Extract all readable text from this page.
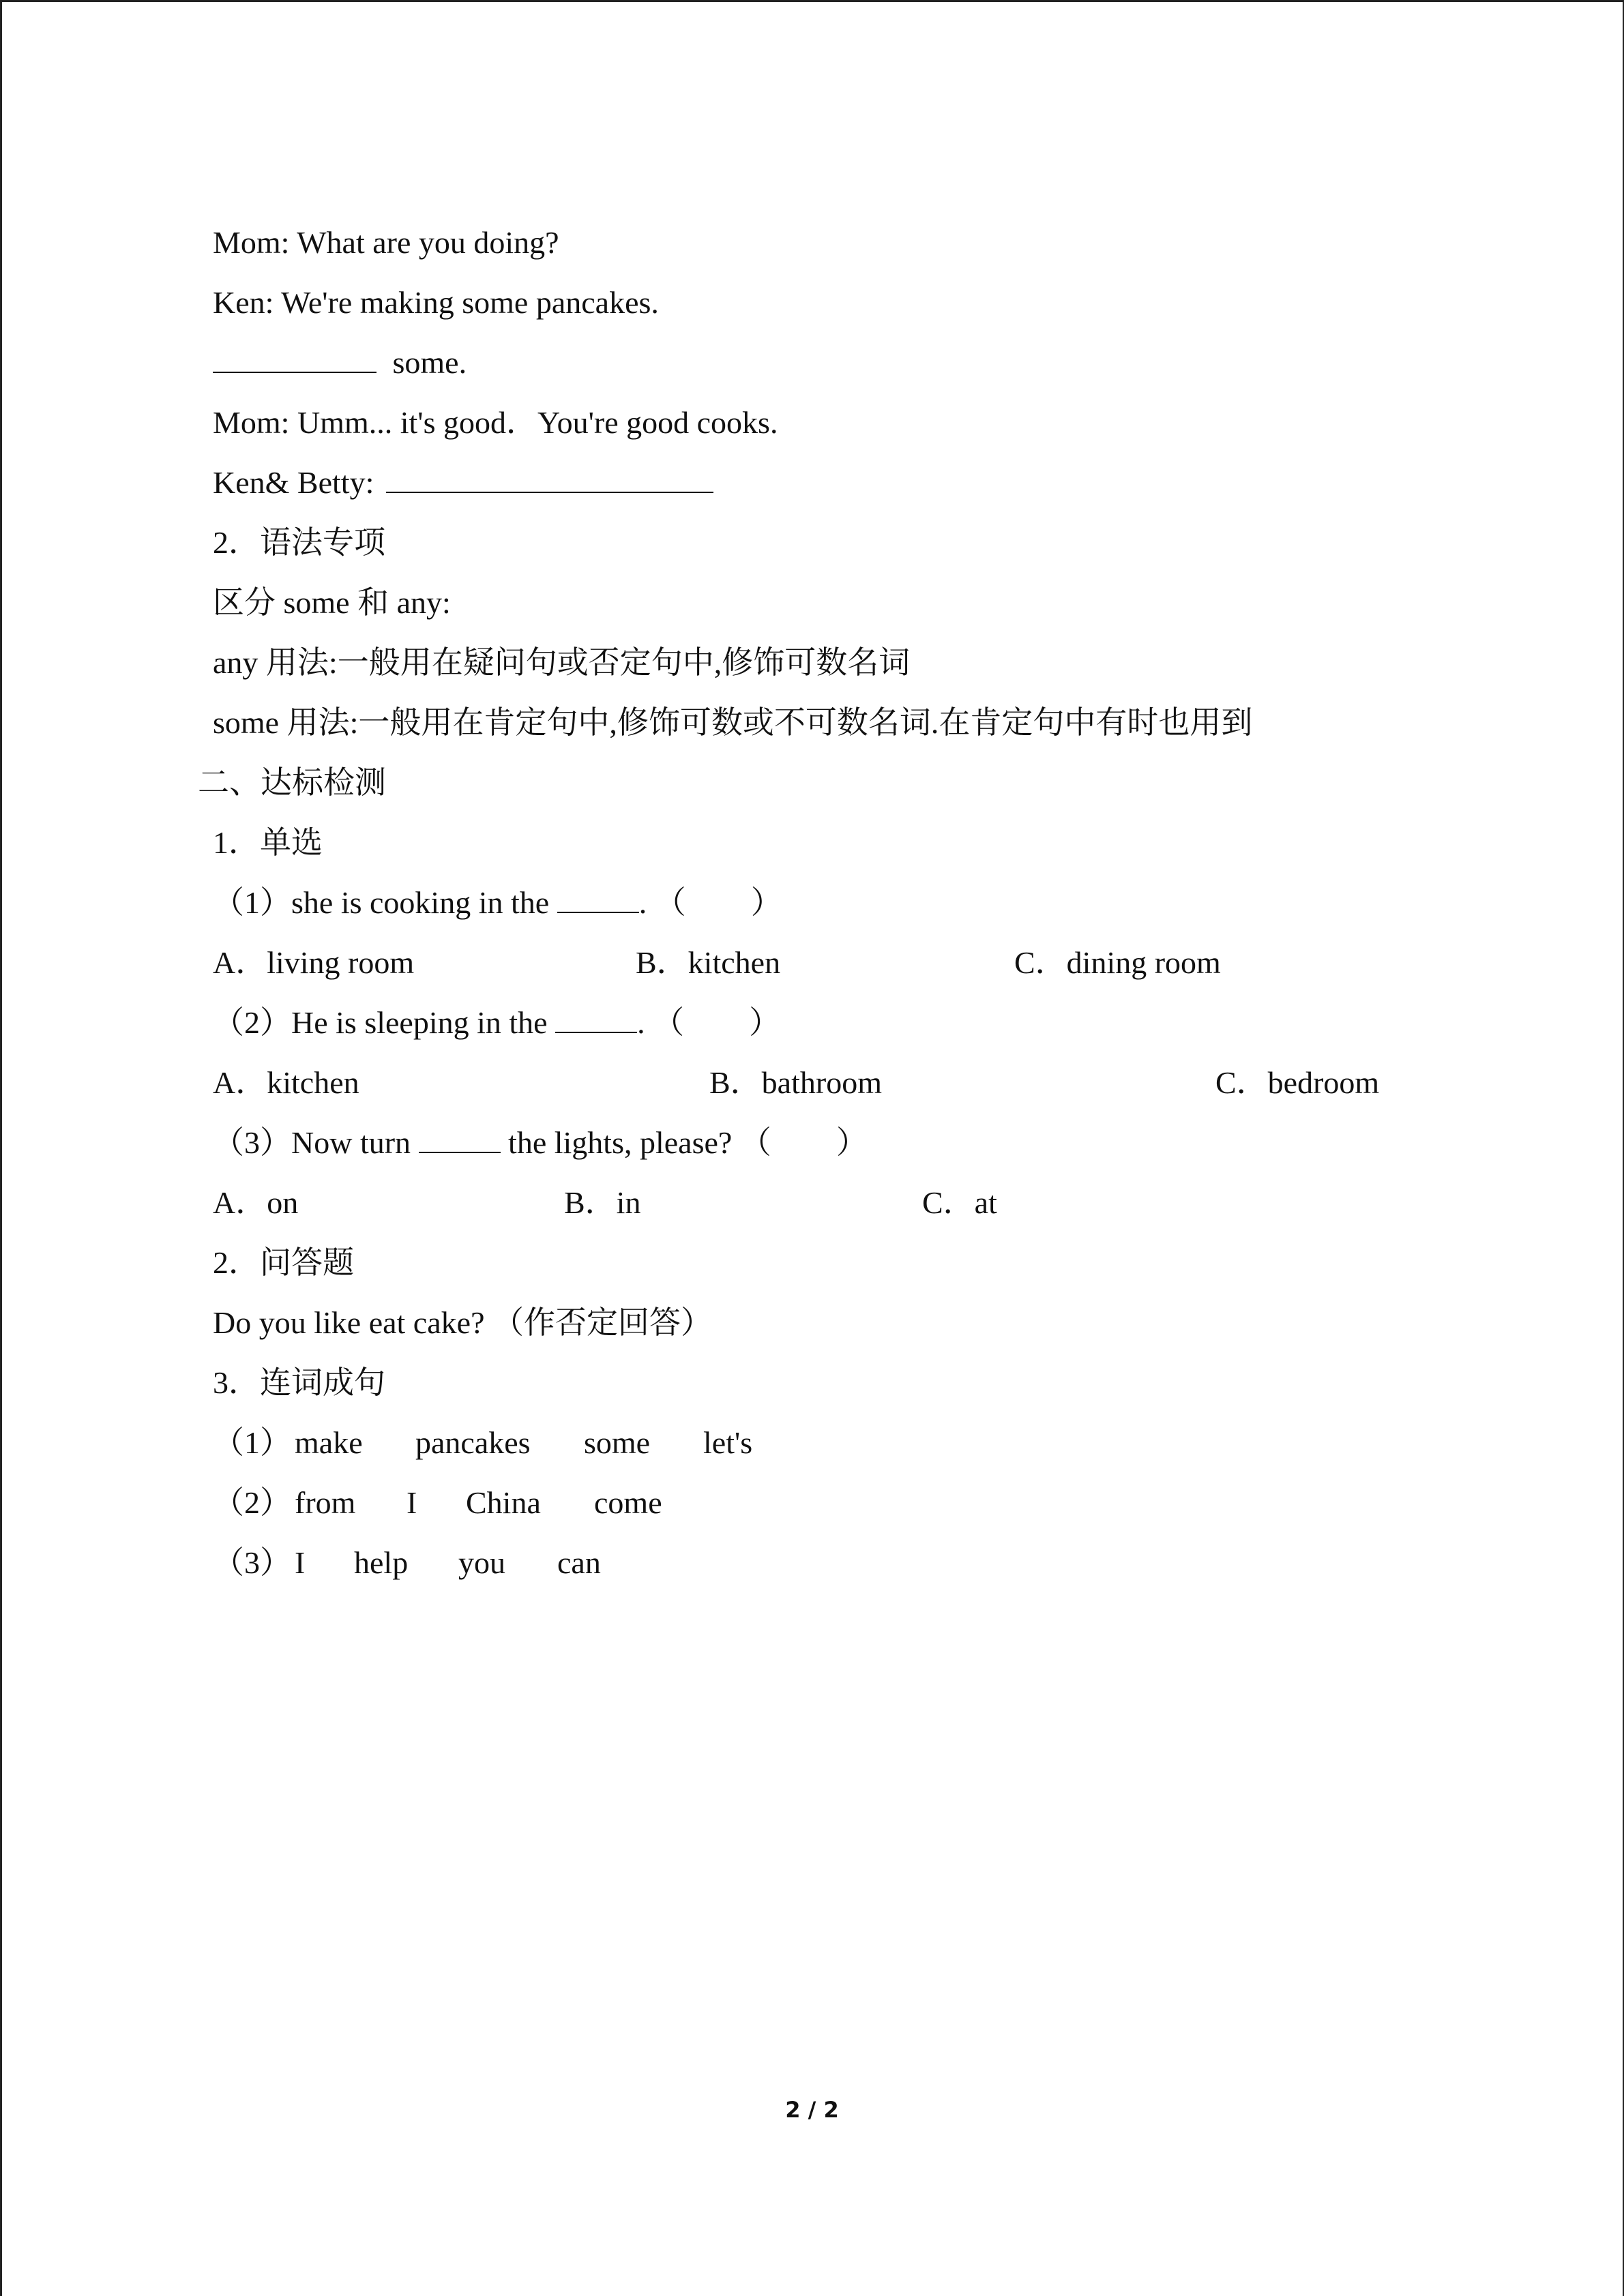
Mom: What are you doing?
Ken: We're making some pancakes.
some.
Mom: Umm... it's good．You're good cooks.
Ken& Betty:
2．语法专项
区分 some 和 any:
any 用法:一般用在疑问句或否定句中,修饰可数名词
some 用法:一般用在肯定句中,修饰可数或不可数名词.在肯定句中有时也用到
二、达标检测
1．单选
（1）she is cooking in the	. （ ）
A．living room	B．kitchen	C．dining room
（2）He is sleeping in the	. （ ）
A．kitchen	B．bathroom	C．bedroom
（3）Now turn	the lights, please? （ ）
A．on	B．in	C．at
2．问答题
Do you like eat cake? （作否定回答）
3．连词成句
（1） make pancakes some let's
（2） from I China come
（3） I help you can
2 / 2
